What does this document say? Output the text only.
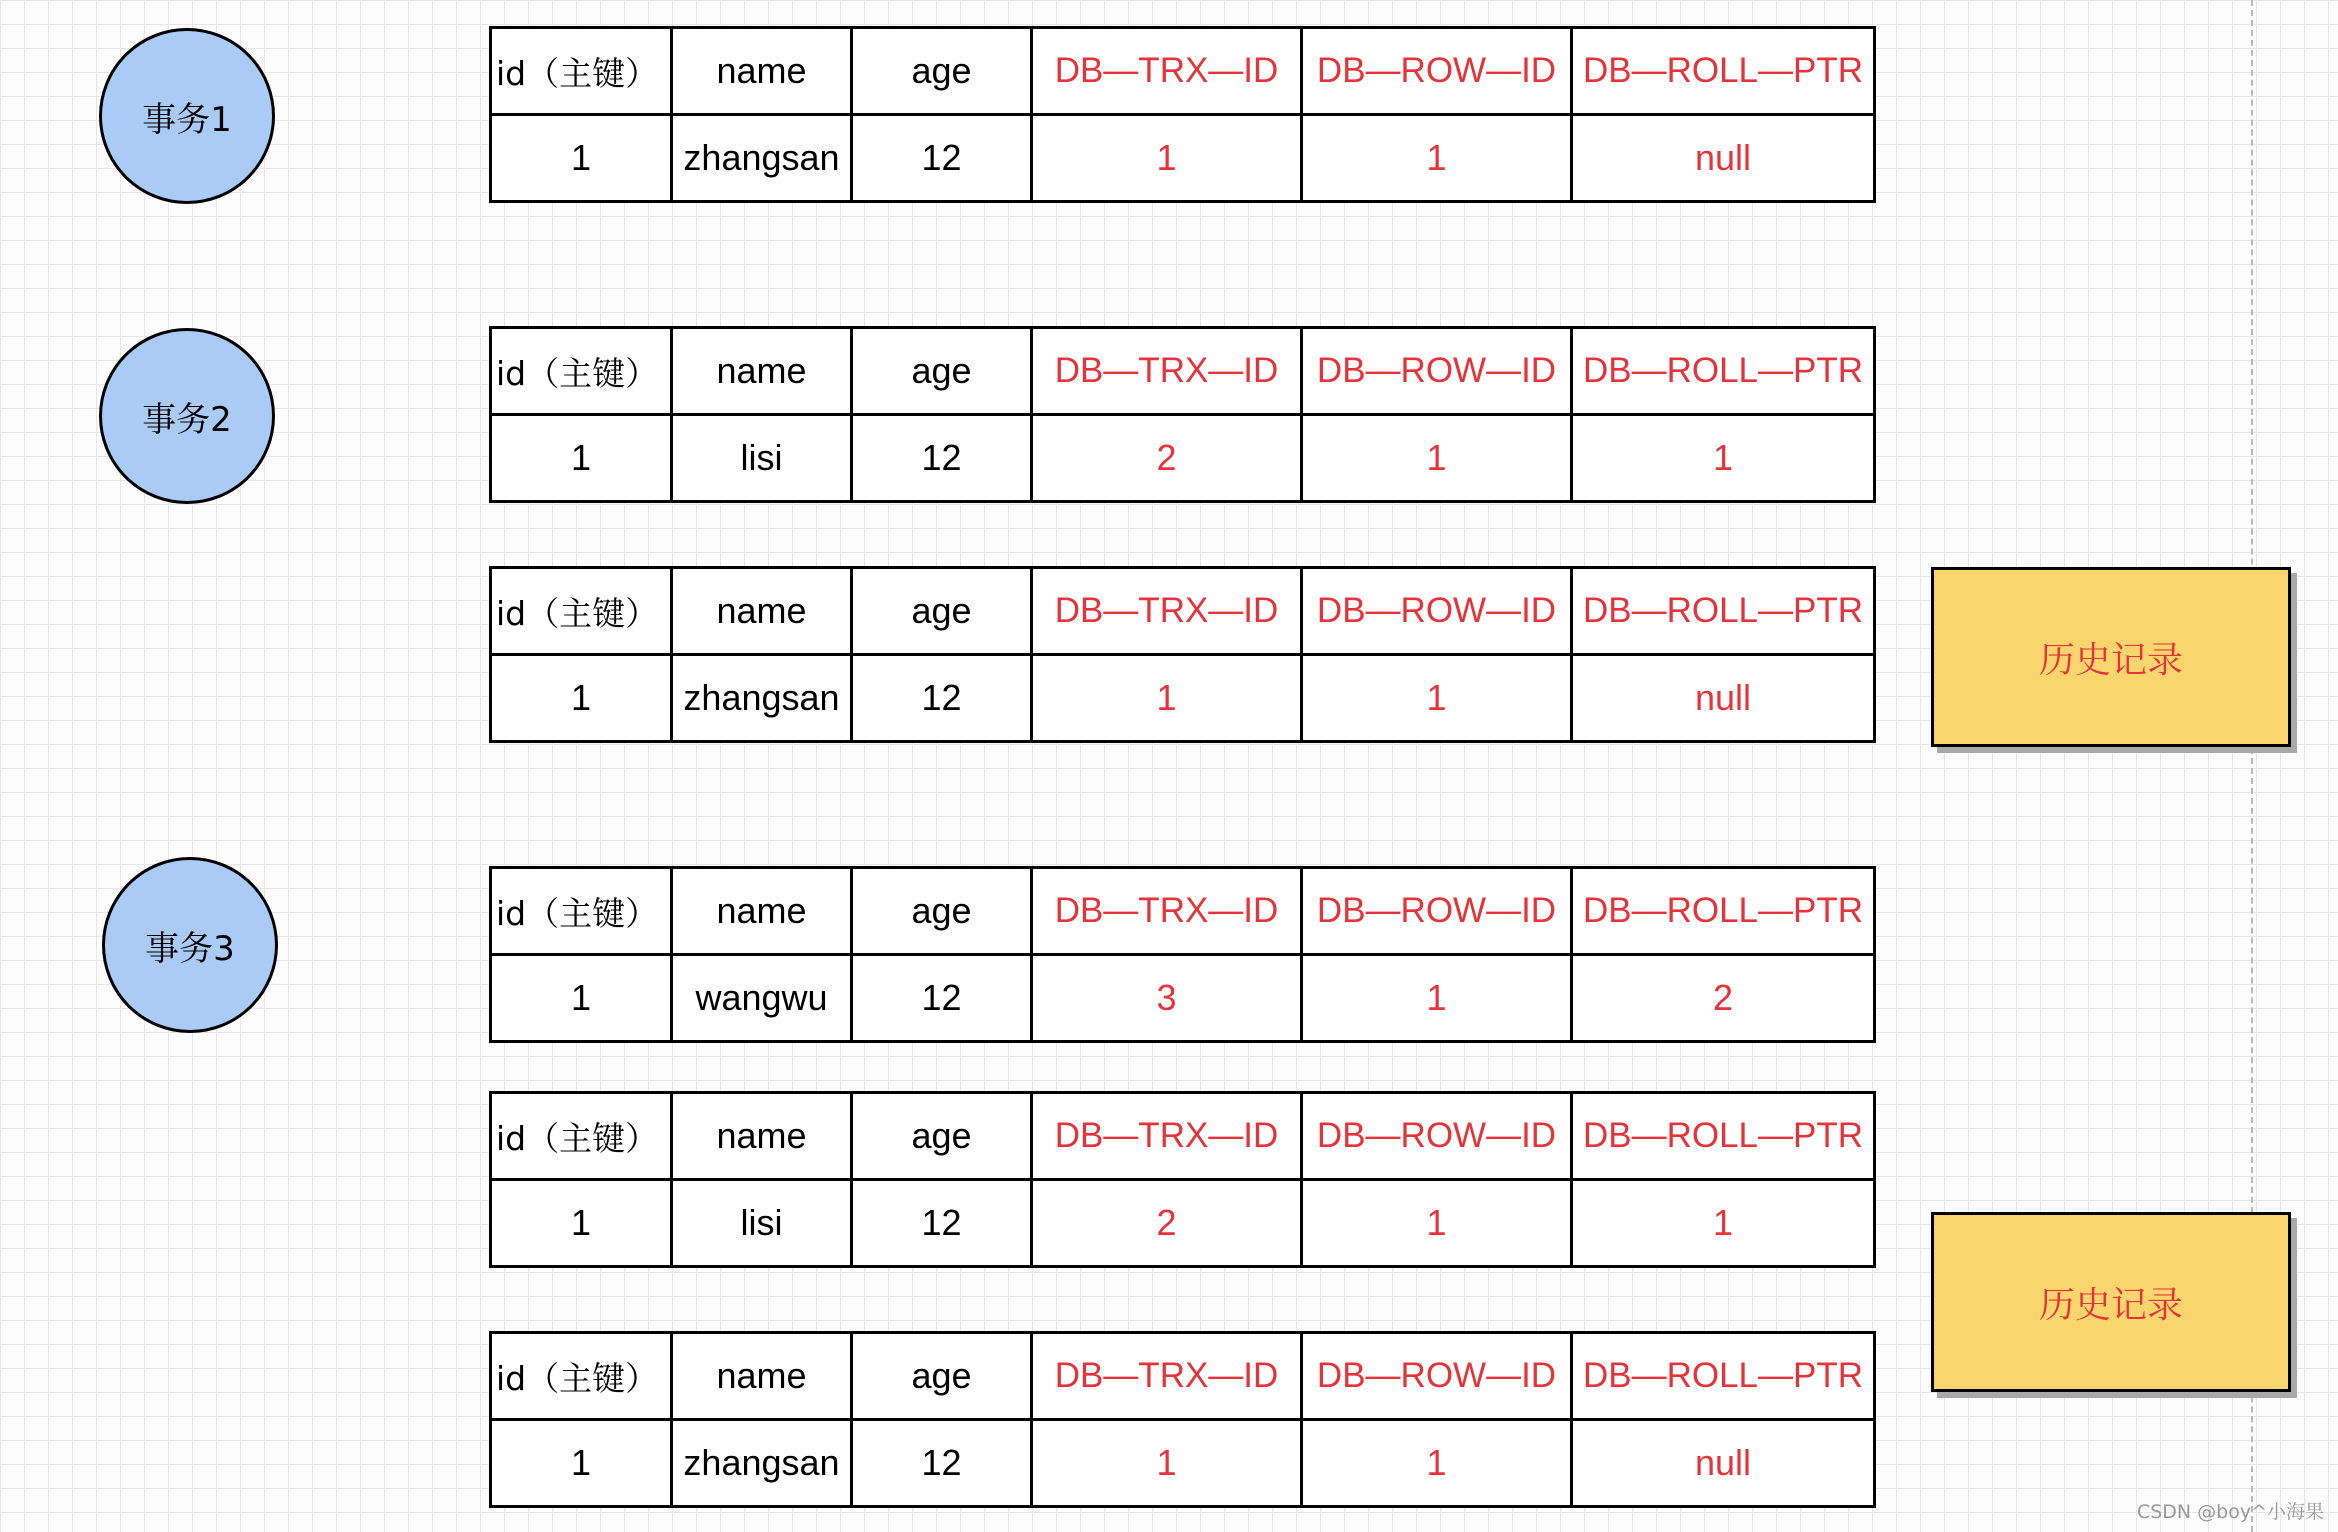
事务1
事务2
事务3
id（主键）	name	age	DB—TRX—ID	DB—ROW—ID	DB—ROLL—PTR
1	zhangsan	12	1	1	null
id（主键）	name	age	DB—TRX—ID	DB—ROW—ID	DB—ROLL—PTR
1	lisi	12	2	1	1
id（主键）	name	age	DB—TRX—ID	DB—ROW—ID	DB—ROLL—PTR
1	zhangsan	12	1	1	null
id（主键）	name	age	DB—TRX—ID	DB—ROW—ID	DB—ROLL—PTR
1	wangwu	12	3	1	2
id（主键）	name	age	DB—TRX—ID	DB—ROW—ID	DB—ROLL—PTR
1	lisi	12	2	1	1
id（主键）	name	age	DB—TRX—ID	DB—ROW—ID	DB—ROLL—PTR
1	zhangsan	12	1	1	null
历史记录
历史记录
CSDN @boy^小海果
